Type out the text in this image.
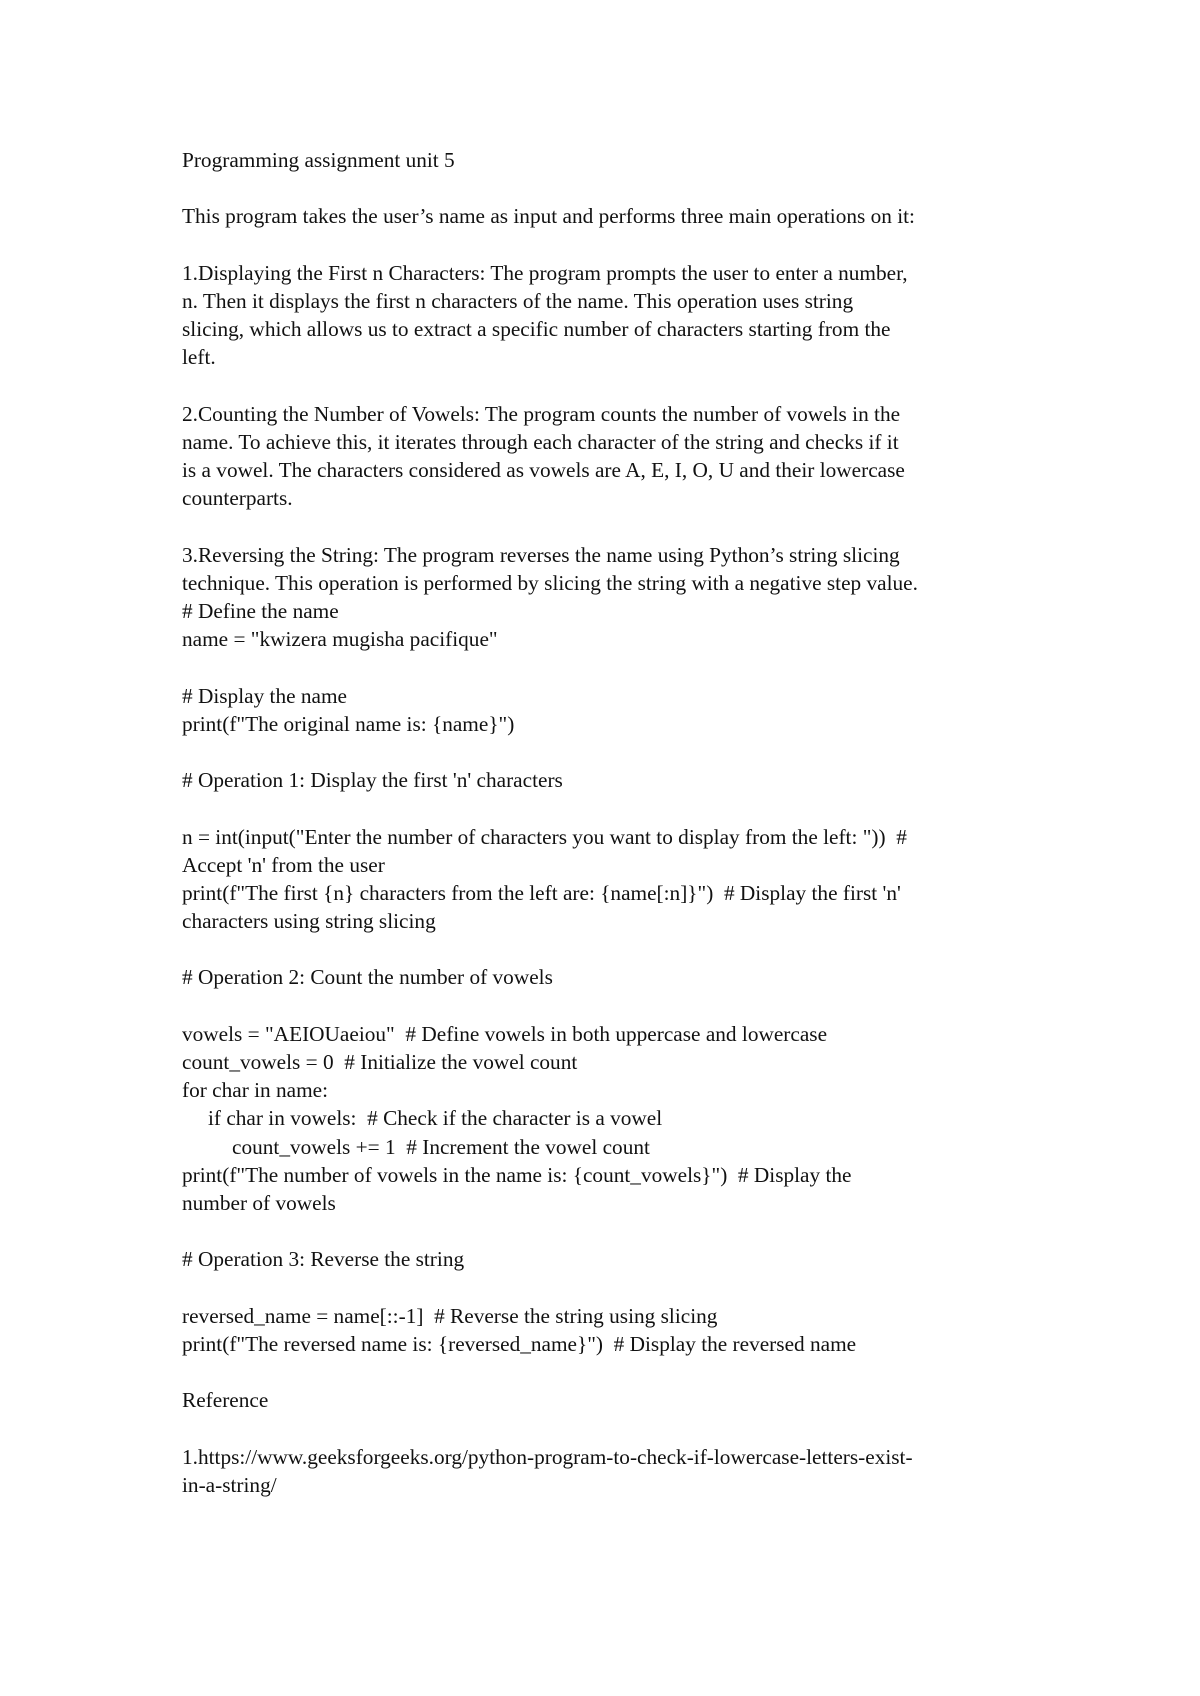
Programming assignment unit 5
This program takes the user’s name as input and performs three main operations on it:
1.Displaying the First n Characters: The program prompts the user to enter a number,
n. Then it displays the first n characters of the name. This operation uses string
slicing, which allows us to extract a specific number of characters starting from the
left.
2.Counting the Number of Vowels: The program counts the number of vowels in the
name. To achieve this, it iterates through each character of the string and checks if it
is a vowel. The characters considered as vowels are A, E, I, O, U and their lowercase
counterparts.
3.Reversing the String: The program reverses the name using Python’s string slicing
technique. This operation is performed by slicing the string with a negative step value.
# Define the name
name = "kwizera mugisha pacifique"
# Display the name
print(f"The original name is: {name}")
# Operation 1: Display the first 'n' characters
n = int(input("Enter the number of characters you want to display from the left: "))  #
Accept 'n' from the user
print(f"The first {n} characters from the left are: {name[:n]}")  # Display the first 'n'
characters using string slicing
# Operation 2: Count the number of vowels
vowels = "AEIOUaeiou"  # Define vowels in both uppercase and lowercase
count_vowels = 0  # Initialize the vowel count
for char in name:
if char in vowels:  # Check if the character is a vowel
count_vowels += 1  # Increment the vowel count
print(f"The number of vowels in the name is: {count_vowels}")  # Display the
number of vowels
# Operation 3: Reverse the string
reversed_name = name[::-1]  # Reverse the string using slicing
print(f"The reversed name is: {reversed_name}")  # Display the reversed name
Reference
1.https://www.geeksforgeeks.org/python-program-to-check-if-lowercase-letters-exist-
in-a-string/
